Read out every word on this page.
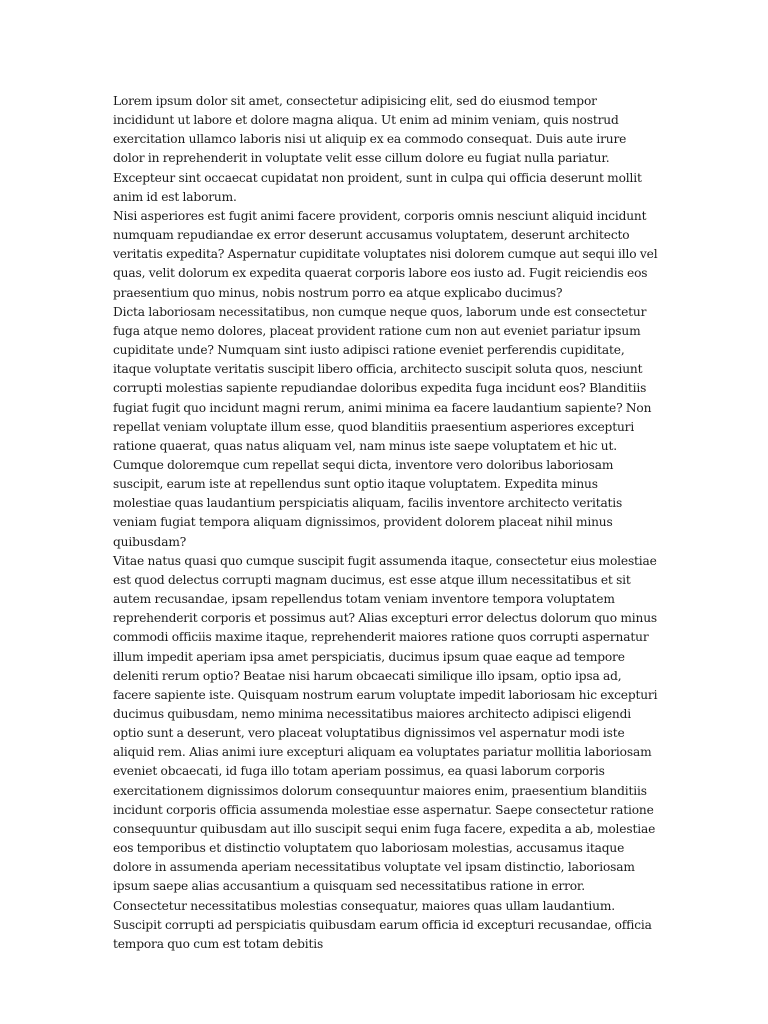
Lorem ipsum dolor sit amet, consectetur adipisicing elit, sed do eiusmod tempor incididunt ut labore et dolore magna aliqua. Ut enim ad minim veniam, quis nostrud exercitation ullamco laboris nisi ut aliquip ex ea commodo consequat. Duis aute irure dolor in reprehenderit in voluptate velit esse cillum dolore eu fugiat nulla pariatur. Excepteur sint occaecat cupidatat non proident, sunt in culpa qui officia deserunt mollit anim id est laborum.

Nisi asperiores est fugit animi facere provident, corporis omnis nesciunt aliquid incidunt numquam repudiandae ex error deserunt accusamus voluptatem, deserunt architecto veritatis expedita? Aspernatur cupiditate voluptates nisi dolorem cumque aut sequi illo vel quas, velit dolorum ex expedita quaerat corporis labore eos iusto ad. Fugit reiciendis eos praesentium quo minus, nobis nostrum porro ea atque explicabo ducimus?

Dicta laboriosam necessitatibus, non cumque neque quos, laborum unde est consectetur fuga atque nemo dolores, placeat provident ratione cum non aut eveniet pariatur ipsum cupiditate unde? Numquam sint iusto adipisci ratione eveniet perferendis cupiditate, itaque voluptate veritatis suscipit libero officia, architecto suscipit soluta quos, nesciunt corrupti molestias sapiente repudiandae doloribus expedita fuga incidunt eos? Blanditiis fugiat fugit quo incidunt magni rerum, animi minima ea facere laudantium sapiente? Non repellat veniam voluptate illum esse, quod blanditiis praesentium asperiores excepturi ratione quaerat, quas natus aliquam vel, nam minus iste saepe voluptatem et hic ut.

Cumque doloremque cum repellat sequi dicta, inventore vero doloribus laboriosam suscipit, earum iste at repellendus sunt optio itaque voluptatem. Expedita minus molestiae quas laudantium perspiciatis aliquam, facilis inventore architecto veritatis veniam fugiat tempora aliquam dignissimos, provident dolorem placeat nihil minus quibusdam?

Vitae natus quasi quo cumque suscipit fugit assumenda itaque, consectetur eius molestiae est quod delectus corrupti magnam ducimus, est esse atque illum necessitatibus et sit autem recusandae, ipsam repellendus totam veniam inventore tempora voluptatem reprehenderit corporis et possimus aut? Alias excepturi error delectus dolorum quo minus commodi officiis maxime itaque, reprehenderit maiores ratione quos corrupti aspernatur illum impedit aperiam ipsa amet perspiciatis, ducimus ipsum quae eaque ad tempore deleniti rerum optio? Beatae nisi harum obcaecati similique illo ipsam, optio ipsa ad, facere sapiente iste. Quisquam nostrum earum voluptate impedit laboriosam hic excepturi ducimus quibusdam, nemo minima necessitatibus maiores architecto adipisci eligendi optio sunt a deserunt, vero placeat voluptatibus dignissimos vel aspernatur modi iste aliquid rem. Alias animi iure excepturi aliquam ea voluptates pariatur mollitia laboriosam eveniet obcaecati, id fuga illo totam aperiam possimus, ea quasi laborum corporis exercitationem dignissimos dolorum consequuntur maiores enim, praesentium blanditiis incidunt corporis officia assumenda molestiae esse aspernatur. Saepe consectetur ratione consequuntur quibusdam aut illo suscipit sequi enim fuga facere, expedita a ab, molestiae eos temporibus et distinctio voluptatem quo laboriosam molestias, accusamus itaque dolore in assumenda aperiam necessitatibus voluptate vel ipsam distinctio, laboriosam ipsum saepe alias accusantium a quisquam sed necessitatibus ratione in error. Consectetur necessitatibus molestias consequatur, maiores quas ullam laudantium. Suscipit corrupti ad perspiciatis quibusdam earum officia id excepturi recusandae, officia tempora quo cum est totam debitis
